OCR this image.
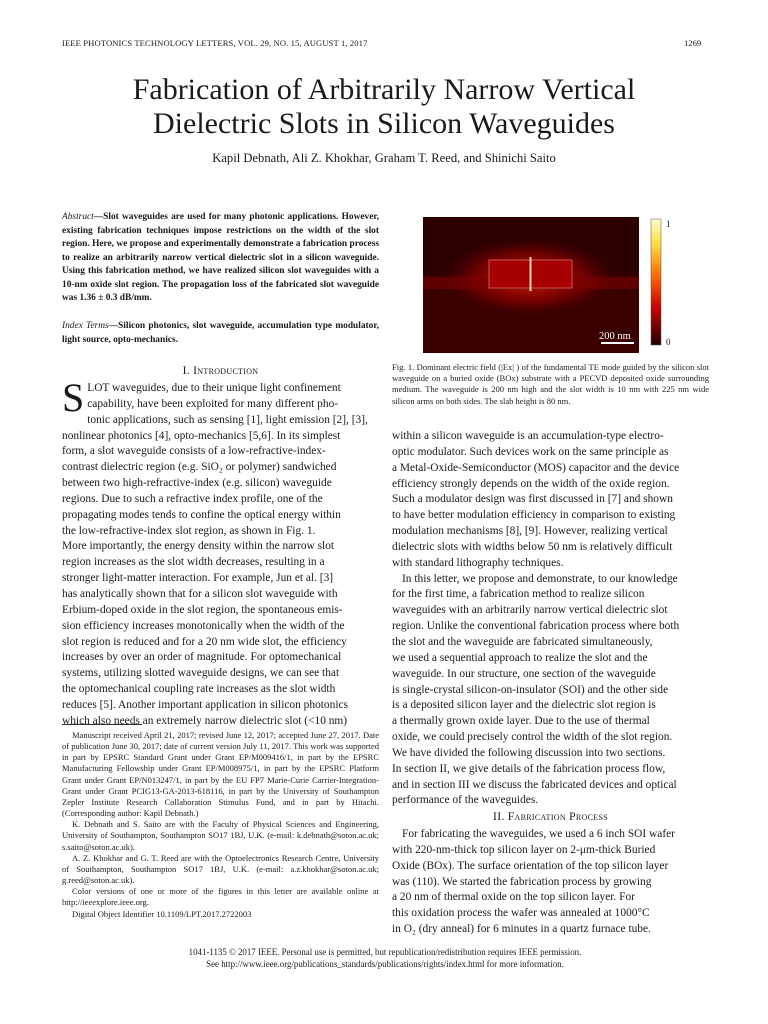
IEEE PHOTONICS TECHNOLOGY LETTERS, VOL. 29, NO. 15, AUGUST 1, 2017	1269
Fabrication of Arbitrarily Narrow Vertical
Dielectric Slots in Silicon Waveguides
Kapil Debnath, Ali Z. Khokhar, Graham T. Reed, and Shinichi Saito
Abstract—Slot waveguides are used for many photonic applications. However, existing fabrication techniques impose restrictions on the width of the slot region. Here, we propose and experimentally demonstrate a fabrication process to realize an arbitrarily narrow vertical dielectric slot in a silicon waveguide. Using this fabrication method, we have realized silicon slot waveguides with a 10-nm oxide slot region. The propagation loss of the fabricated slot waveguide was 1.36 ± 0.3 dB/mm.
Index Terms—Silicon photonics, slot waveguide, accumulation type modulator, light source, opto-mechanics.
I. Introduction
S LOT waveguides, due to their unique light confinement
capability, have been exploited for many different pho-
tonic applications, such as sensing [1], light emission [2], [3],
nonlinear photonics [4], opto-mechanics [5,6]. In its simplest
form, a slot waveguide consists of a low-refractive-index-
contrast dielectric region (e.g. SiO₂ or polymer) sandwiched
between two high-refractive-index (e.g. silicon) waveguide
regions. Due to such a refractive index profile, one of the
propagating modes tends to confine the optical energy within
the low-refractive-index slot region, as shown in Fig. 1.
More importantly, the energy density within the narrow slot
region increases as the slot width decreases, resulting in a
stronger light-matter interaction. For example, Jun et al. [3]
has analytically shown that for a silicon slot waveguide with
Erbium-doped oxide in the slot region, the spontaneous emis-
sion efficiency increases monotonically when the width of the
slot region is reduced and for a 20 nm wide slot, the efficiency
increases by over an order of magnitude. For optomechanical
systems, utilizing slotted waveguide designs, we can see that
the optomechanical coupling rate increases as the slot width
reduces [5]. Another important application in silicon photonics
which also needs an extremely narrow dielectric slot (<10 nm)

Manuscript received April 21, 2017; revised June 12, 2017; accepted June 27, 2017. Date of publication June 30, 2017; date of current version July 11, 2017. This work was supported in part by EPSRC Standard Grant under Grant EP/M009416/1, in part by the EPSRC Manufacturing Fellowship under Grant EP/M008975/1, in part by the EPSRC Platform Grant under Grant EP/N013247/1, in part by the EU FP7 Marie-Curie Carrier-Integration-Grant under Grant PCIG13-GA-2013-618116, in part by the University of Southampton Zepler Institute Research Collaboration Stimulus Fund, and in part by Hitachi. (Corresponding author: Kapil Debnath.)

K. Debnath and S. Saito are with the Faculty of Physical Sciences and Engineering, University of Southampton, Southampton SO17 1BJ, U.K. (e-mail: k.debnath@soton.ac.uk; s.saito@soton.ac.uk).

A. Z. Khokhar and G. T. Reed are with the Optoelectronics Research Centre, University of Southampton, Southampton SO17 1BJ, U.K. (e-mail: a.z.khokhar@soton.ac.uk; g.reed@soton.ac.uk).

Color versions of one or more of the figures in this letter are available online at http://ieeexplore.ieee.org.

Digital Object Identifier 10.1109/LPT.2017.2722003

200 nm
1
0
Fig. 1. Dominant electric field (|Ex| ) of the fundamental TE mode guided by the silicon slot waveguide on a buried oxide (BOx) substrate with a PECVD deposited oxide surrounding medium. The waveguide is 200 nm high and the slot width is 10 nm with 225 nm wide silicon arms on both sides. The slab height is 80 nm.
within a silicon waveguide is an accumulation-type electro-
optic modulator. Such devices work on the same principle as
a Metal-Oxide-Semiconductor (MOS) capacitor and the device
efficiency strongly depends on the width of the oxide region.
Such a modulator design was first discussed in [7] and shown
to have better modulation efficiency in comparison to existing
modulation mechanisms [8], [9]. However, realizing vertical
dielectric slots with widths below 50 nm is relatively difficult
with standard lithography techniques.
In this letter, we propose and demonstrate, to our knowledge
for the first time, a fabrication method to realize silicon
waveguides with an arbitrarily narrow vertical dielectric slot
region. Unlike the conventional fabrication process where both
the slot and the waveguide are fabricated simultaneously,
we used a sequential approach to realize the slot and the
waveguide. In our structure, one section of the waveguide
is single-crystal silicon-on-insulator (SOI) and the other side
is a deposited silicon layer and the dielectric slot region is
a thermally grown oxide layer. Due to the use of thermal
oxide, we could precisely control the width of the slot region.
We have divided the following discussion into two sections.
In section II, we give details of the fabrication process flow,
and in section III we discuss the fabricated devices and optical
performance of the waveguides.
II. Fabrication Process
For fabricating the waveguides, we used a 6 inch SOI wafer
with 220-nm-thick top silicon layer on 2-μm-thick Buried
Oxide (BOx). The surface orientation of the top silicon layer
was (110). We started the fabrication process by growing
a 20 nm of thermal oxide on the top silicon layer. For
this oxidation process the wafer was annealed at 1000°C
in O₂ (dry anneal) for 6 minutes in a quartz furnace tube.
1041-1135 © 2017 IEEE. Personal use is permitted, but republication/redistribution requires IEEE permission.
See http://www.ieee.org/publications_standards/publications/rights/index.html for more information.
